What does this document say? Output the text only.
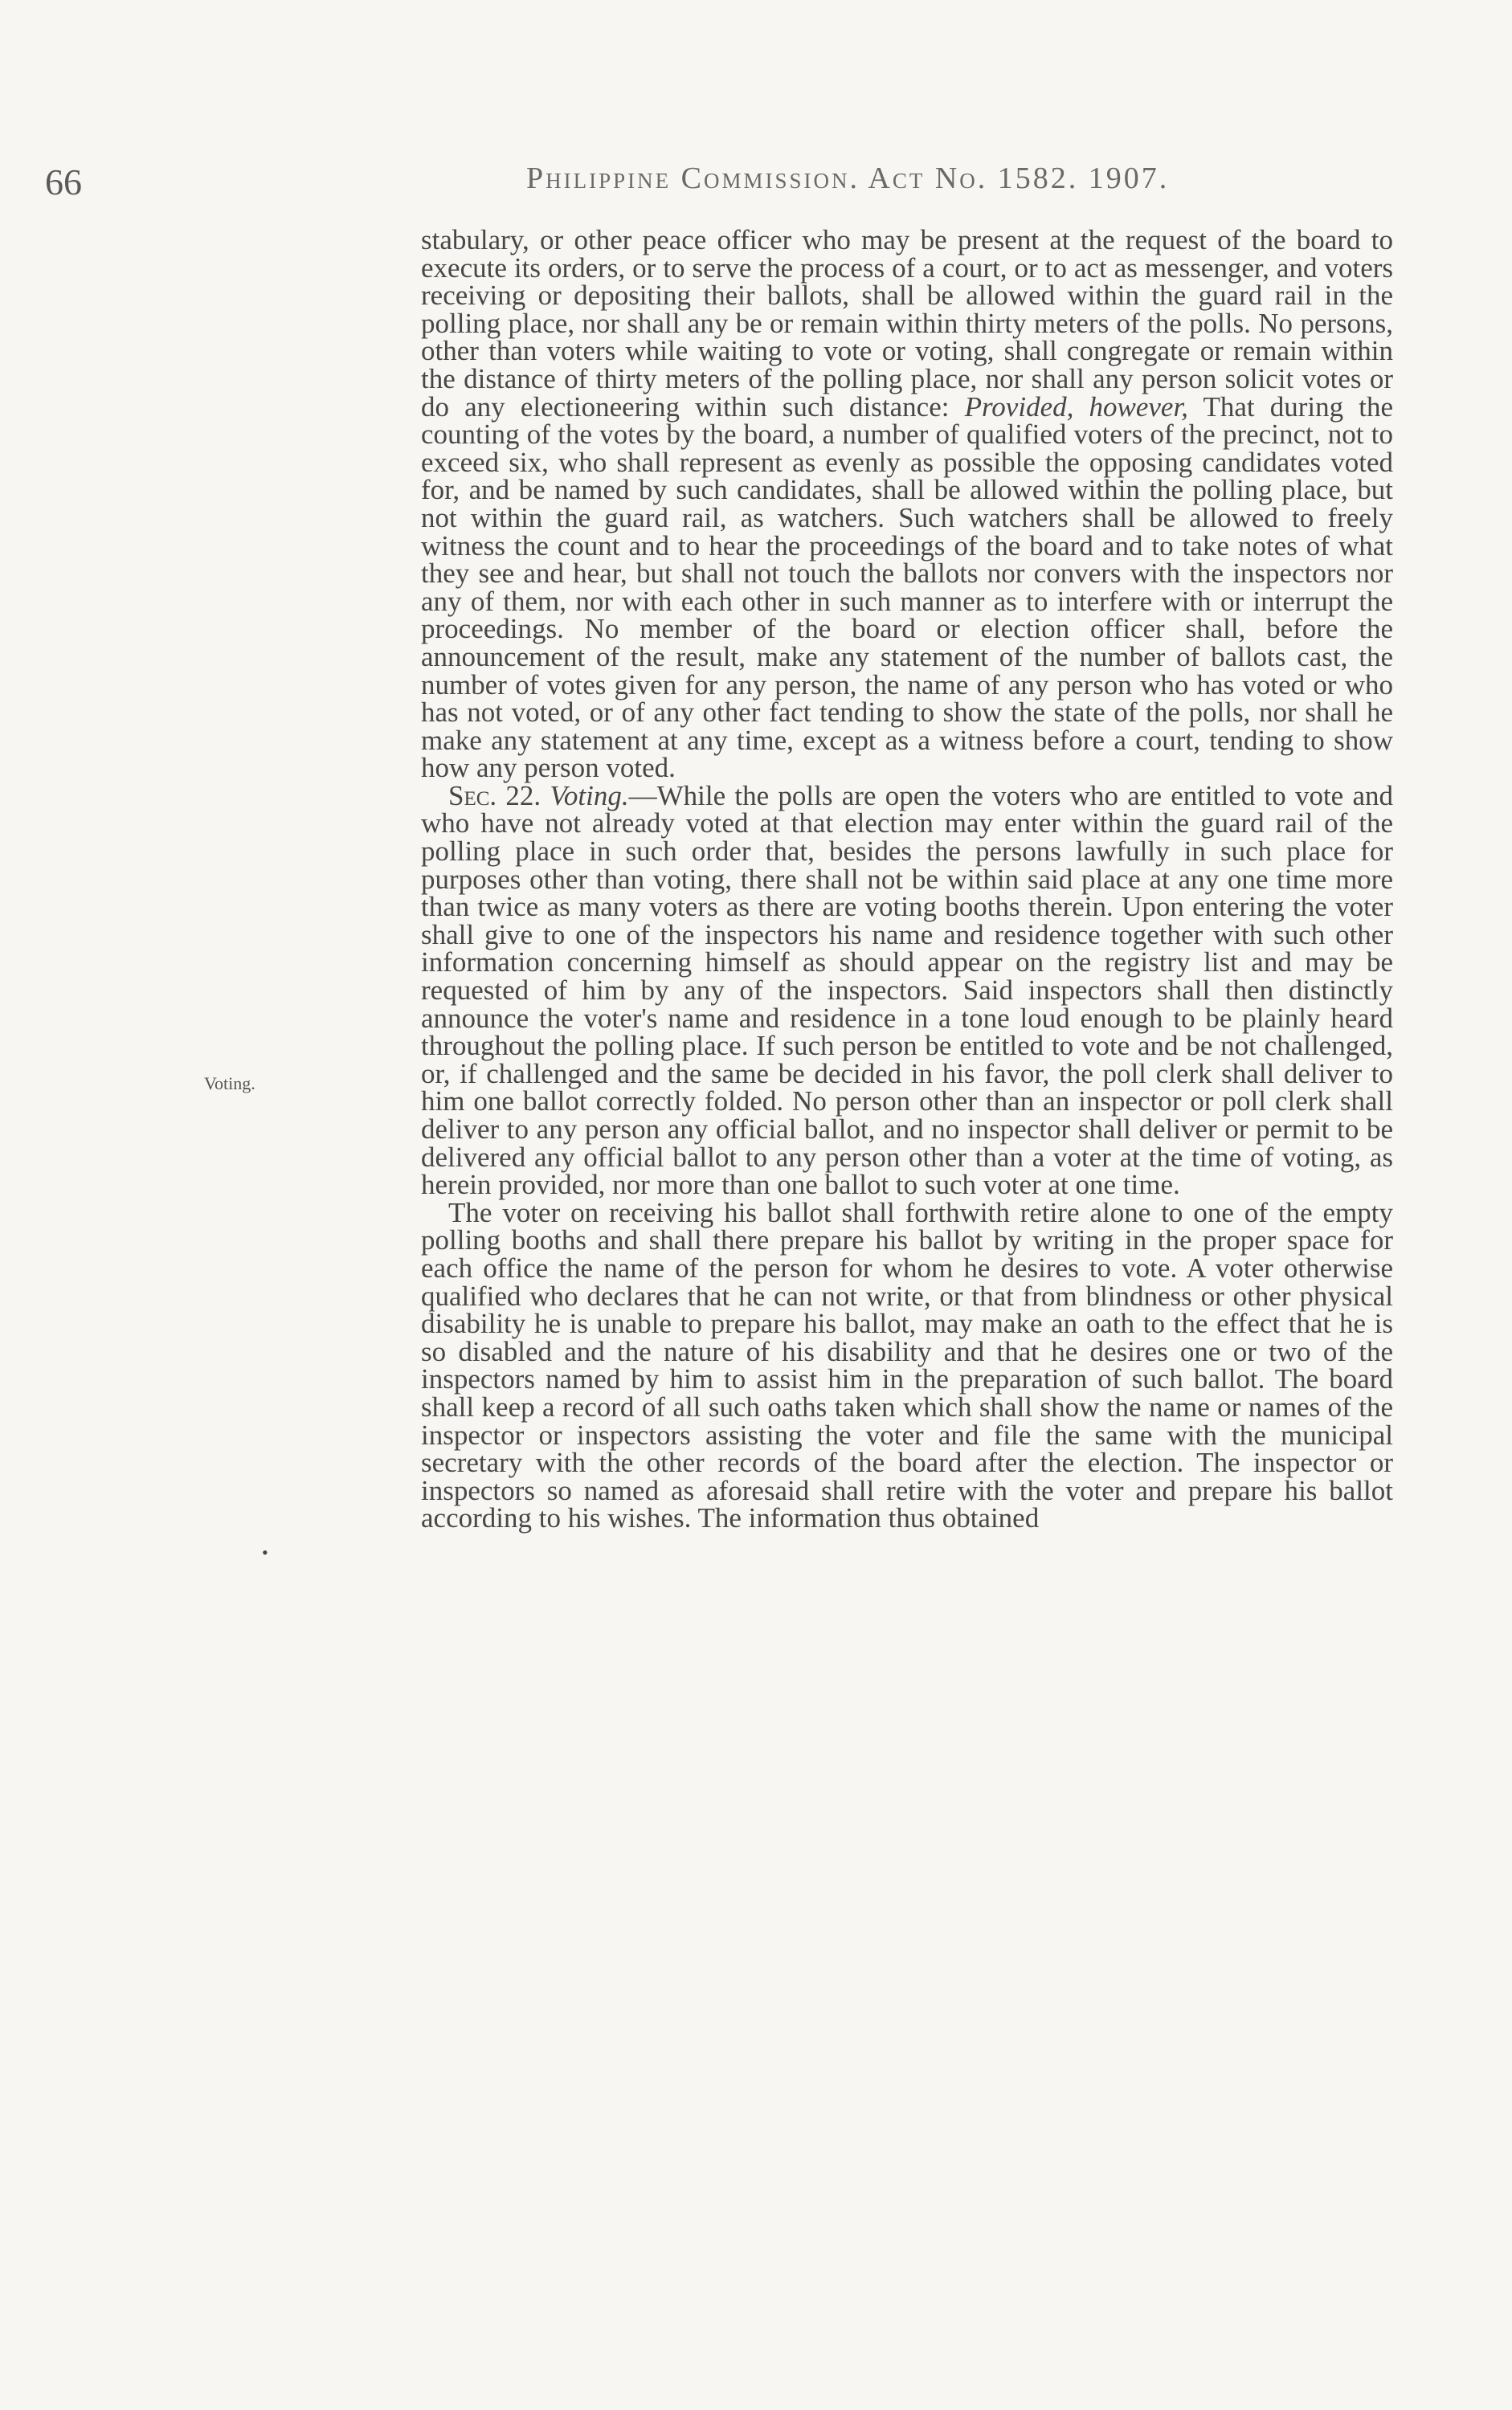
66	Philippine Commission. Act No. 1582. 1907.
Voting.
•

stabulary, or other peace officer who may be present at the request of the board to execute its orders, or to serve the process of a court, or to act as messenger, and voters receiving or depositing their ballots, shall be allowed within the guard rail in the polling place, nor shall any be or remain within thirty meters of the polls. No persons, other than voters while waiting to vote or voting, shall congregate or remain within the distance of thirty meters of the polling place, nor shall any person solicit votes or do any electioneering within such distance: Provided, however, That during the counting of the votes by the board, a number of qualified voters of the precinct, not to exceed six, who shall represent as evenly as possible the opposing candidates voted for, and be named by such candidates, shall be allowed within the polling place, but not within the guard rail, as watchers. Such watchers shall be allowed to freely witness the count and to hear the proceedings of the board and to take notes of what they see and hear, but shall not touch the ballots nor convers with the inspectors nor any of them, nor with each other in such manner as to interfere with or interrupt the proceedings. No member of the board or election officer shall, before the announcement of the result, make any statement of the number of ballots cast, the number of votes given for any person, the name of any person who has voted or who has not voted, or of any other fact tending to show the state of the polls, nor shall he make any statement at any time, except as a witness before a court, tending to show how any person voted.

Sec. 22. Voting.—While the polls are open the voters who are entitled to vote and who have not already voted at that election may enter within the guard rail of the polling place in such order that, besides the persons lawfully in such place for purposes other than voting, there shall not be within said place at any one time more than twice as many voters as there are voting booths therein. Upon entering the voter shall give to one of the inspectors his name and residence together with such other information concerning himself as should appear on the registry list and may be requested of him by any of the inspectors. Said inspectors shall then distinctly announce the voter's name and residence in a tone loud enough to be plainly heard throughout the polling place. If such person be entitled to vote and be not challenged, or, if challenged and the same be decided in his favor, the poll clerk shall deliver to him one ballot correctly folded. No person other than an inspector or poll clerk shall deliver to any person any official ballot, and no inspector shall deliver or permit to be delivered any official ballot to any person other than a voter at the time of voting, as herein provided, nor more than one ballot to such voter at one time.

The voter on receiving his ballot shall forthwith retire alone to one of the empty polling booths and shall there prepare his ballot by writing in the proper space for each office the name of the person for whom he desires to vote. A voter otherwise qualified who declares that he can not write, or that from blindness or other physical disability he is unable to prepare his ballot, may make an oath to the effect that he is so disabled and the nature of his disability and that he desires one or two of the inspectors named by him to assist him in the preparation of such ballot. The board shall keep a record of all such oaths taken which shall show the name or names of the inspector or inspectors assisting the voter and file the same with the municipal secretary with the other records of the board after the election. The inspector or inspectors so named as aforesaid shall retire with the voter and prepare his ballot according to his wishes. The information thus obtained
